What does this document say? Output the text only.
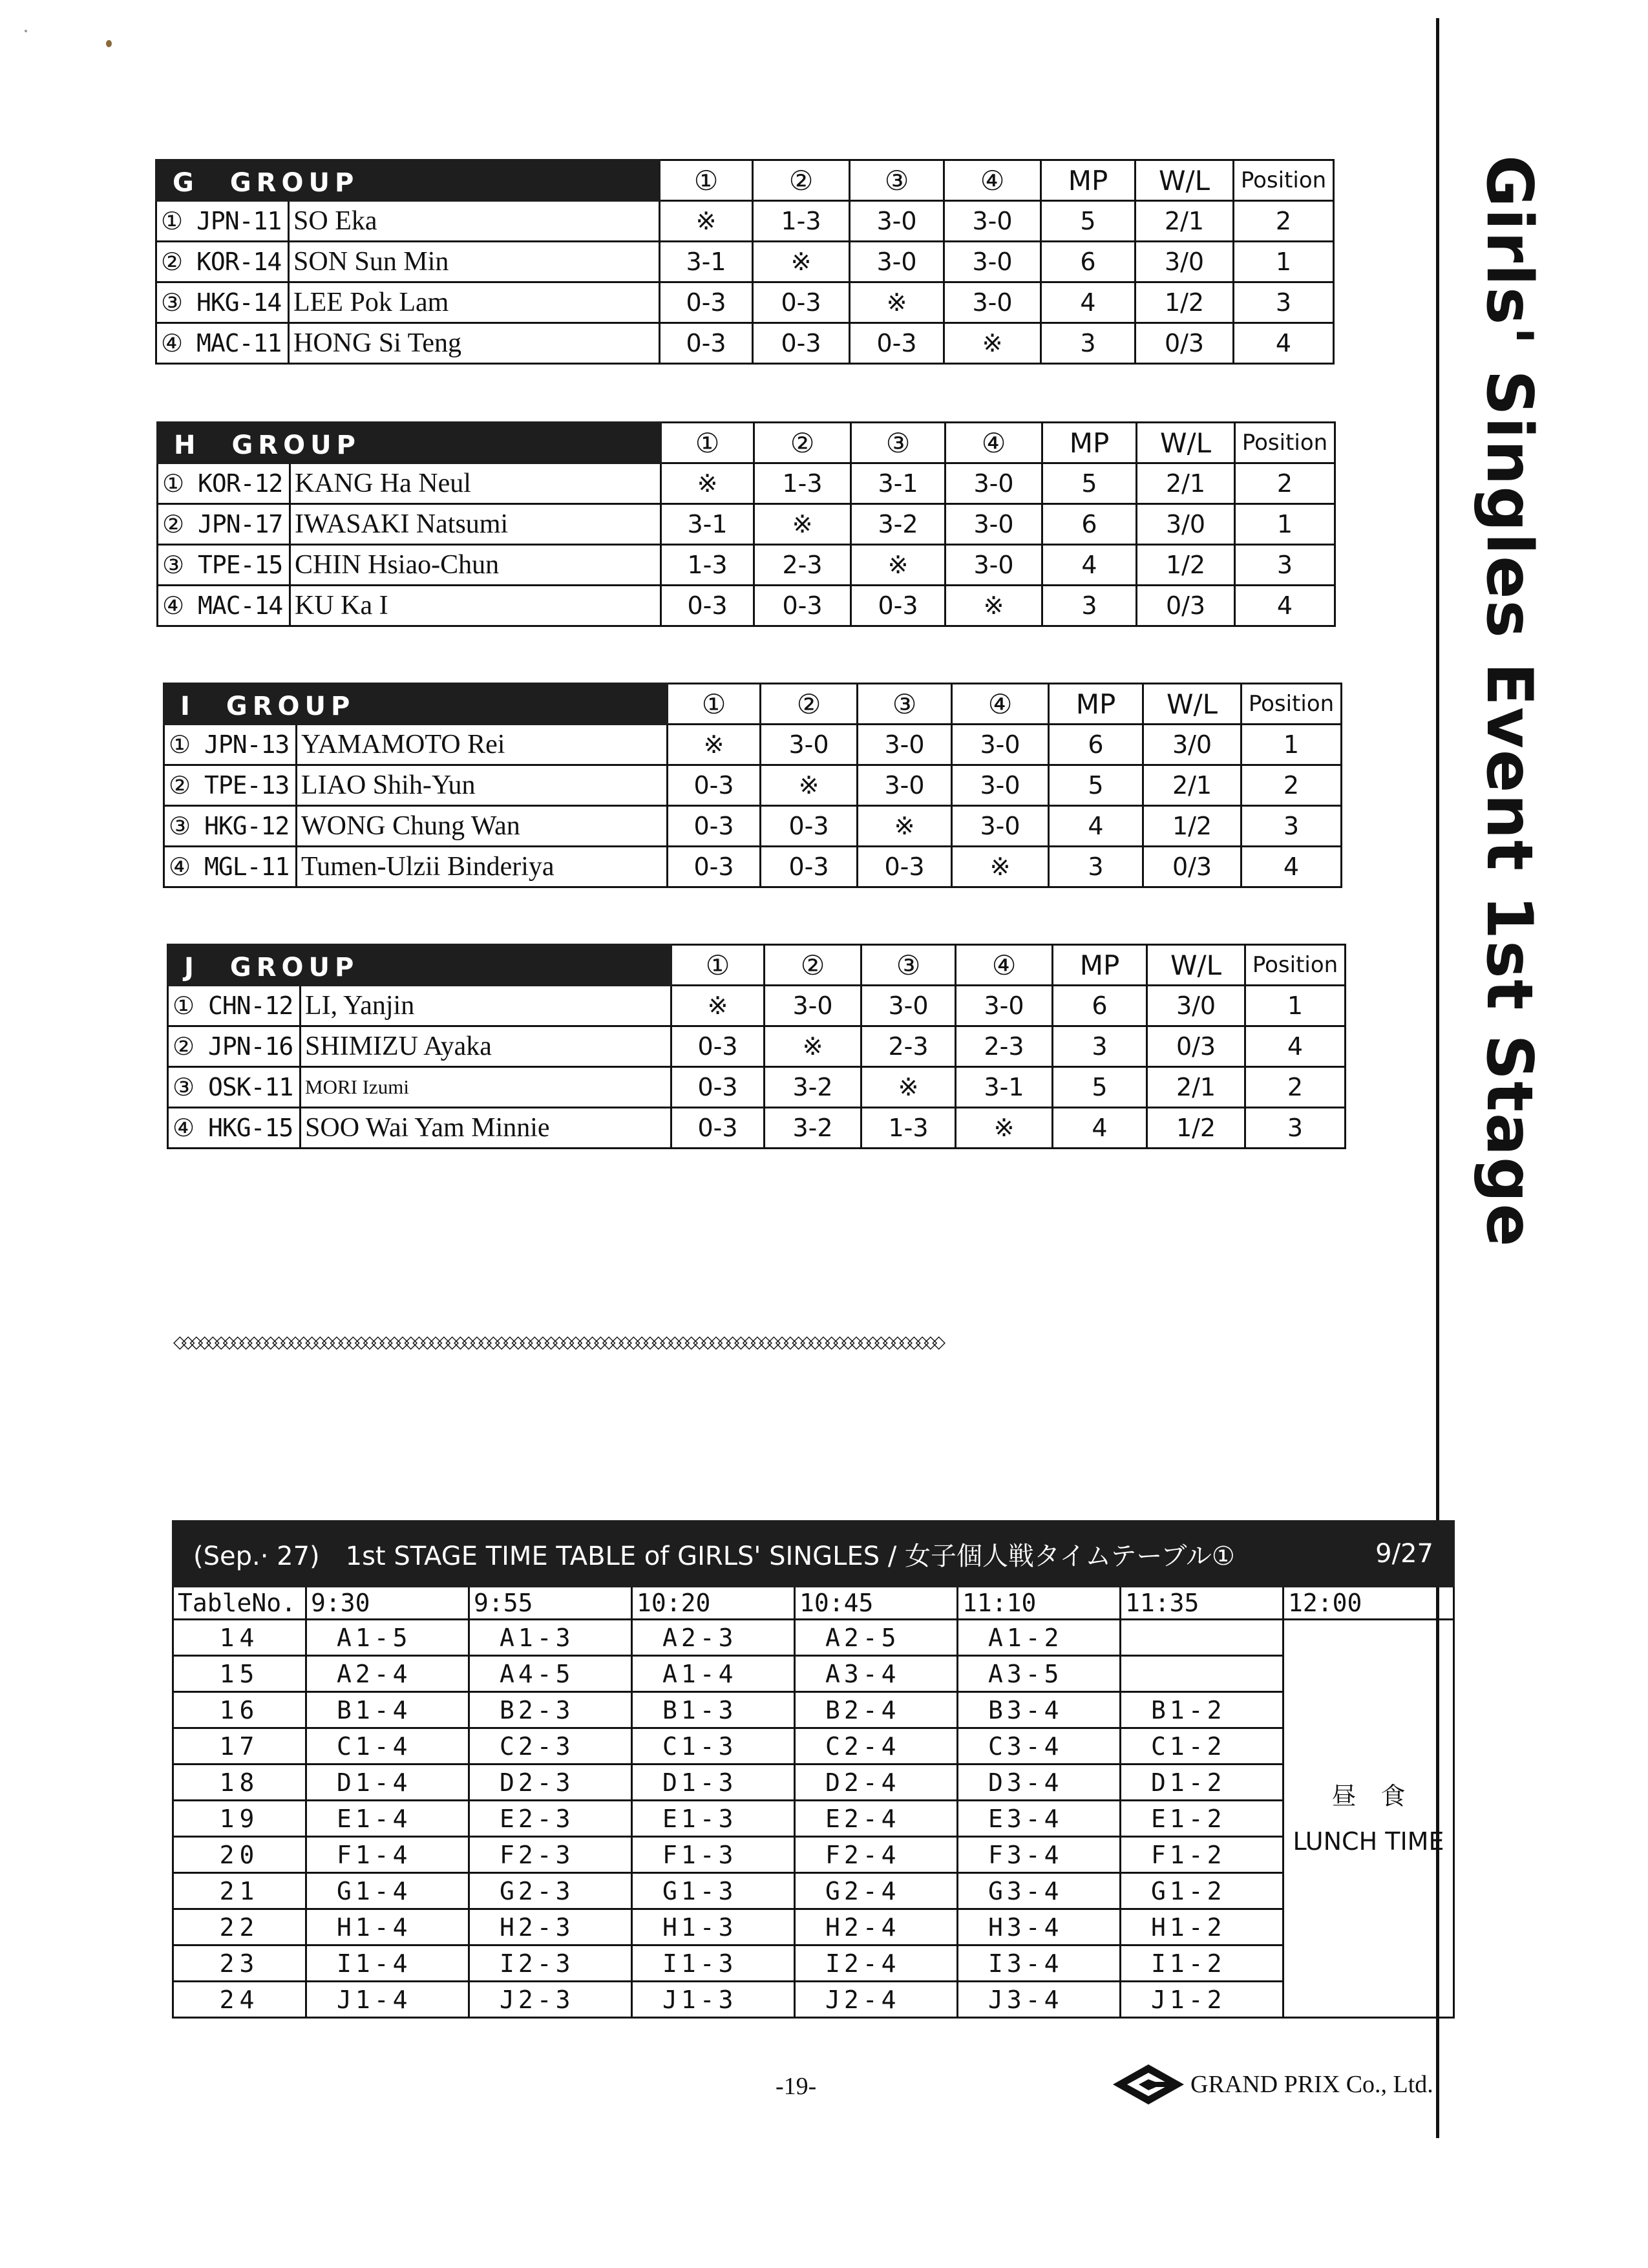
Girls' Singles Event 1st Stage
G　GROUP		①	②	③	④	MP	W/L	Position
① JPN-11	SO Eka	※	1-3	3-0	3-0	5	2/1	2
② KOR-14	SON Sun Min	3-1	※	3-0	3-0	6	3/0	1
③ HKG-14	LEE Pok Lam	0-3	0-3	※	3-0	4	1/2	3
④ MAC-11	HONG Si Teng	0-3	0-3	0-3	※	3	0/3	4
H　GROUP		①	②	③	④	MP	W/L	Position
① KOR-12	KANG Ha Neul	※	1-3	3-1	3-0	5	2/1	2
② JPN-17	IWASAKI Natsumi	3-1	※	3-2	3-0	6	3/0	1
③ TPE-15	CHIN Hsiao-Chun	1-3	2-3	※	3-0	4	1/2	3
④ MAC-14	KU Ka I	0-3	0-3	0-3	※	3	0/3	4
I　GROUP		①	②	③	④	MP	W/L	Position
① JPN-13	YAMAMOTO Rei	※	3-0	3-0	3-0	6	3/0	1
② TPE-13	LIAO Shih-Yun	0-3	※	3-0	3-0	5	2/1	2
③ HKG-12	WONG Chung Wan	0-3	0-3	※	3-0	4	1/2	3
④ MGL-11	Tumen-Ulzii Binderiya	0-3	0-3	0-3	※	3	0/3	4
J　GROUP		①	②	③	④	MP	W/L	Position
① CHN-12	LI, Yanjin	※	3-0	3-0	3-0	6	3/0	1
② JPN-16	SHIMIZU Ayaka	0-3	※	2-3	2-3	3	0/3	4
③ OSK-11	MORI Izumi	0-3	3-2	※	3-1	5	2/1	2
④ HKG-15	SOO Wai Yam Minnie	0-3	3-2	1-3	※	4	1/2	3
◇◇◇◇◇◇◇◇◇◇◇◇◇◇◇◇◇◇◇◇◇◇◇◇◇◇◇◇◇◇◇◇◇◇◇◇◇◇◇◇◇◇◇◇◇◇◇◇◇◇◇◇◇◇◇◇◇◇◇◇◇◇◇◇◇◇◇◇◇◇◇◇◇◇◇◇◇◇◇◇◇◇◇◇◇◇◇◇◇◇◇◇◇
(Sep.· 27)　1st STAGE TIME TABLE of GIRLS' SINGLES / 女子個人戦タイムテーブル① 9/27							

TableNo.	9:30	9:55	10:20	10:45	11:10	11:35	12:00
14	A1-5	A1-3	A2-3	A2-5	A1-2		昼　食
LUNCH TIME

15	A2-4	A4-5	A1-4	A3-4	A3-5		
16	B1-4	B2-3	B1-3	B2-4	B3-4	B1-2	
17	C1-4	C2-3	C1-3	C2-4	C3-4	C1-2	
18	D1-4	D2-3	D1-3	D2-4	D3-4	D1-2	
19	E1-4	E2-3	E1-3	E2-4	E3-4	E1-2	
20	F1-4	F2-3	F1-3	F2-4	F3-4	F1-2	
21	G1-4	G2-3	G1-3	G2-4	G3-4	G1-2	
22	H1-4	H2-3	H1-3	H2-4	H3-4	H1-2	
23	I1-4	I2-3	I1-3	I2-4	I3-4	I1-2	
24	J1-4	J2-3	J1-3	J2-4	J3-4	J1-2	
-19-	GRAND PRIX Co., Ltd.
